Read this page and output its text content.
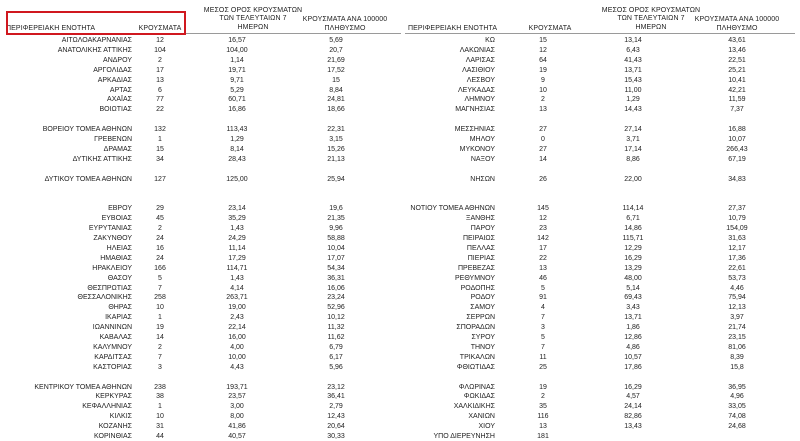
ΠΕΡΙΦΕΡΕΙΑΚΗ ΕΝΟΤΗΤΑ	ΚΡΟΥΣΜΑΤΑ
ΜΕΣΟΣ ΟΡΟΣ ΚΡΟΥΣΜΑΤΩΝ
ΤΩΝ ΤΕΛΕΥΤΑΙΩΝ 7
ΗΜΕΡΩΝ
ΚΡΟΥΣΜΑΤΑ ΑΝΑ 100000
ΠΛΗΘΥΣΜΟ	ΠΕΡΙΦΕΡΕΙΑΚΗ ΕΝΟΤΗΤΑ	ΚΡΟΥΣΜΑΤΑ
ΜΕΣΟΣ ΟΡΟΣ ΚΡΟΥΣΜΑΤΩΝ
ΤΩΝ ΤΕΛΕΥΤΑΙΩΝ 7
ΗΜΕΡΩΝ
ΚΡΟΥΣΜΑΤΑ ΑΝΑ 100000
ΠΛΗΘΥΣΜΟ
ΑΙΤΩΛΟΑΚΑΡΝΑΝΙΑΣ	12	16,57	5,69
ΑΝΑΤΟΛΙΚΗΣ ΑΤΤΙΚΗΣ	104	104,00	20,7
ΑΝΔΡΟΥ	2	1,14	21,69
ΑΡΓΟΛΙΔΑΣ	17	19,71	17,52
ΑΡΚΑΔΙΑΣ	13	9,71	15
ΑΡΤΑΣ	6	5,29	8,84
ΑΧΑΪΑΣ	77	60,71	24,81
ΒΟΙΩΤΙΑΣ	22	16,86	18,66
ΒΟΡΕΙΟΥ ΤΟΜΕΑ ΑΘΗΝΩΝ	132	113,43	22,31
ΓΡΕΒΕΝΩΝ	1	1,29	3,15
ΔΡΑΜΑΣ	15	8,14	15,26
ΔΥΤΙΚΗΣ ΑΤΤΙΚΗΣ	34	28,43	21,13
ΔΥΤΙΚΟΥ ΤΟΜΕΑ ΑΘΗΝΩΝ	127	125,00	25,94
ΕΒΡΟΥ	29	23,14	19,6
ΕΥΒΟΙΑΣ	45	35,29	21,35
ΕΥΡΥΤΑΝΙΑΣ	2	1,43	9,96
ΖΑΚΥΝΘΟΥ	24	24,29	58,88
ΗΛΕΙΑΣ	16	11,14	10,04
ΗΜΑΘΙΑΣ	24	17,29	17,07
ΗΡΑΚΛΕΙΟΥ	166	114,71	54,34
ΘΑΣΟΥ	5	1,43	36,31
ΘΕΣΠΡΩΤΙΑΣ	7	4,14	16,06
ΘΕΣΣΑΛΟΝΙΚΗΣ	258	263,71	23,24
ΘΗΡΑΣ	10	19,00	52,96
ΙΚΑΡΙΑΣ	1	2,43	10,12
ΙΩΑΝΝΙΝΩΝ	19	22,14	11,32
ΚΑΒΑΛΑΣ	14	16,00	11,62
ΚΑΛΥΜΝΟΥ	2	4,00	6,79
ΚΑΡΔΙΤΣΑΣ	7	10,00	6,17
ΚΑΣΤΟΡΙΑΣ	3	4,43	5,96
ΚΕΝΤΡΙΚΟΥ ΤΟΜΕΑ ΑΘΗΝΩΝ	238	193,71	23,12
ΚΕΡΚΥΡΑΣ	38	23,57	36,41
ΚΕΦΑΛΛΗΝΙΑΣ	1	3,00	2,79
ΚΙΛΚΙΣ	10	8,00	12,43
ΚΟΖΑΝΗΣ	31	41,86	20,64
ΚΟΡΙΝΘΙΑΣ	44	40,57	30,33
ΚΩ	15	13,14	43,61
ΛΑΚΩΝΙΑΣ	12	6,43	13,46
ΛΑΡΙΣΑΣ	64	41,43	22,51
ΛΑΣΙΘΙΟΥ	19	13,71	25,21
ΛΕΣΒΟΥ	9	15,43	10,41
ΛΕΥΚΑΔΑΣ	10	11,00	42,21
ΛΗΜΝΟΥ	2	1,29	11,59
ΜΑΓΝΗΣΙΑΣ	13	14,43	7,37
ΜΕΣΣΗΝΙΑΣ	27	27,14	16,88
ΜΗΛΟΥ	0	3,71	10,07
ΜΥΚΟΝΟΥ	27	17,14	266,43
ΝΑΞΟΥ	14	8,86	67,19
ΝΗΣΩΝ	26	22,00	34,83
ΝΟΤΙΟΥ ΤΟΜΕΑ ΑΘΗΝΩΝ	145	114,14	27,37
ΞΑΝΘΗΣ	12	6,71	10,79
ΠΑΡΟΥ	23	14,86	154,09
ΠΕΙΡΑΙΩΣ	142	115,71	31,63
ΠΕΛΛΑΣ	17	12,29	12,17
ΠΙΕΡΙΑΣ	22	16,29	17,36
ΠΡΕΒΕΖΑΣ	13	13,29	22,61
ΡΕΘΥΜΝΟΥ	46	48,00	53,73
ΡΟΔΟΠΗΣ	5	5,14	4,46
ΡΟΔΟΥ	91	69,43	75,94
ΣΑΜΟΥ	4	3,43	12,13
ΣΕΡΡΩΝ	7	13,71	3,97
ΣΠΟΡΑΔΩΝ	3	1,86	21,74
ΣΥΡΟΥ	5	12,86	23,15
ΤΗΝΟΥ	7	4,86	81,06
ΤΡΙΚΑΛΩΝ	11	10,57	8,39
ΦΘΙΩΤΙΔΑΣ	25	17,86	15,8
ΦΛΩΡΙΝΑΣ	19	16,29	36,95
ΦΩΚΙΔΑΣ	2	4,57	4,96
ΧΑΛΚΙΔΙΚΗΣ	35	24,14	33,05
ΧΑΝΙΩΝ	116	82,86	74,08
ΧΙΟΥ	13	13,43	24,68
ΥΠΟ ΔΙΕΡΕΥΝΗΣΗ	181
